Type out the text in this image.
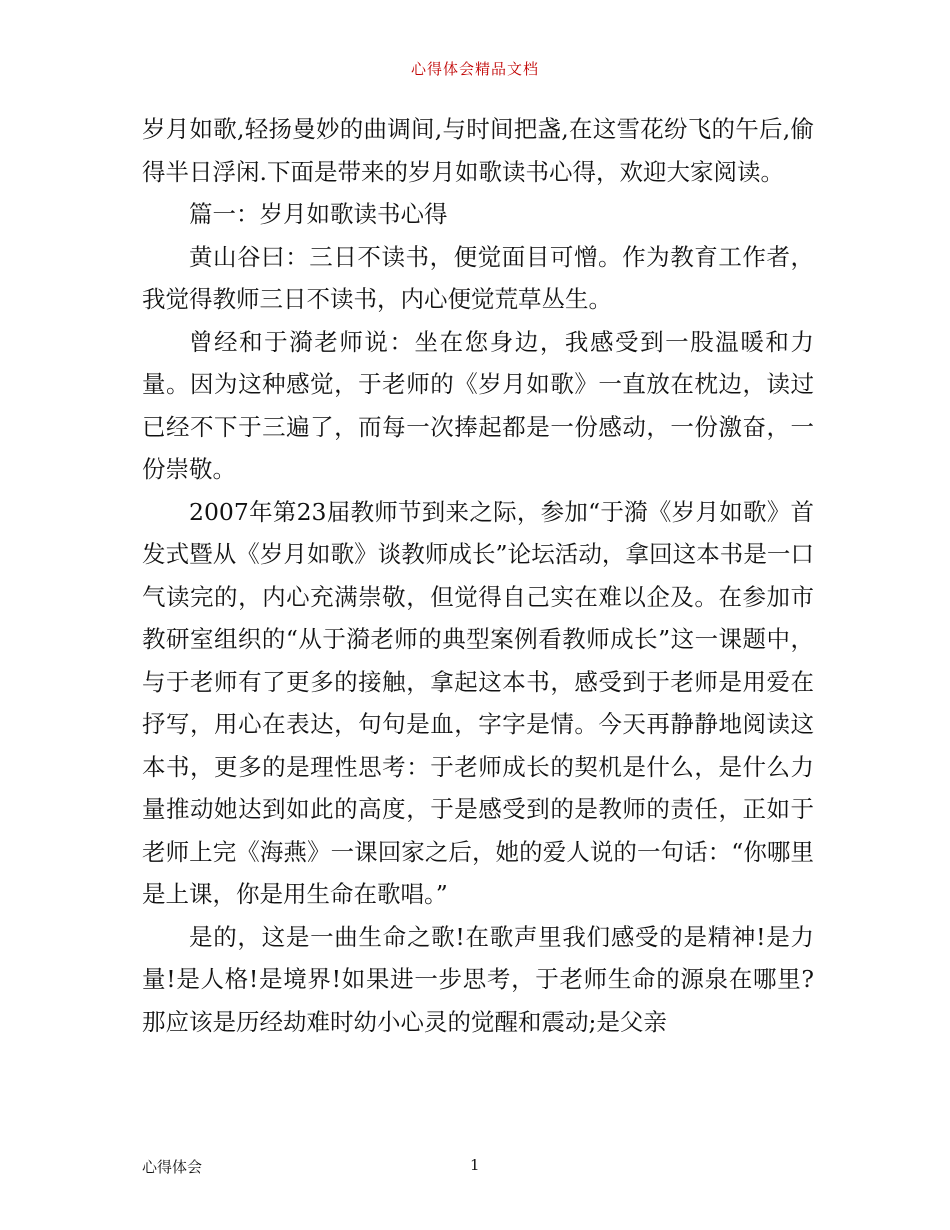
心得体会精品文档

岁月如歌,轻扬曼妙的曲调间,与时间把盏,在这雪花纷飞的午后,偷得半日浮闲.下面是带来的岁月如歌读书心得，欢迎大家阅读。

篇一：岁月如歌读书心得

黄山谷曰：三日不读书，便觉面目可憎。作为教育工作者，我觉得教师三日不读书，内心便觉荒草丛生。

曾经和于漪老师说：坐在您身边，我感受到一股温暖和力量。因为这种感觉，于老师的《岁月如歌》一直放在枕边，读过已经不下于三遍了，而每一次捧起都是一份感动，一份激奋，一份崇敬。

2007年第23届教师节到来之际，参加“于漪《岁月如歌》首发式暨从《岁月如歌》谈教师成长”论坛活动，拿回这本书是一口气读完的，内心充满崇敬，但觉得自己实在难以企及。在参加市教研室组织的“从于漪老师的典型案例看教师成长”这一课题中，与于老师有了更多的接触，拿起这本书，感受到于老师是用爱在抒写，用心在表达，句句是血，字字是情。今天再静静地阅读这本书，更多的是理性思考：于老师成长的契机是什么，是什么力量推动她达到如此的高度，于是感受到的是教师的责任，正如于老师上完《海燕》一课回家之后，她的爱人说的一句话：“你哪里是上课，你是用生命在歌唱。”

是的，这是一曲生命之歌!在歌声里我们感受的是精神!是力量!是人格!是境界!如果进一步思考，于老师生命的源泉在哪里?那应该是历经劫难时幼小心灵的觉醒和震动;是父亲

心得体会	1
